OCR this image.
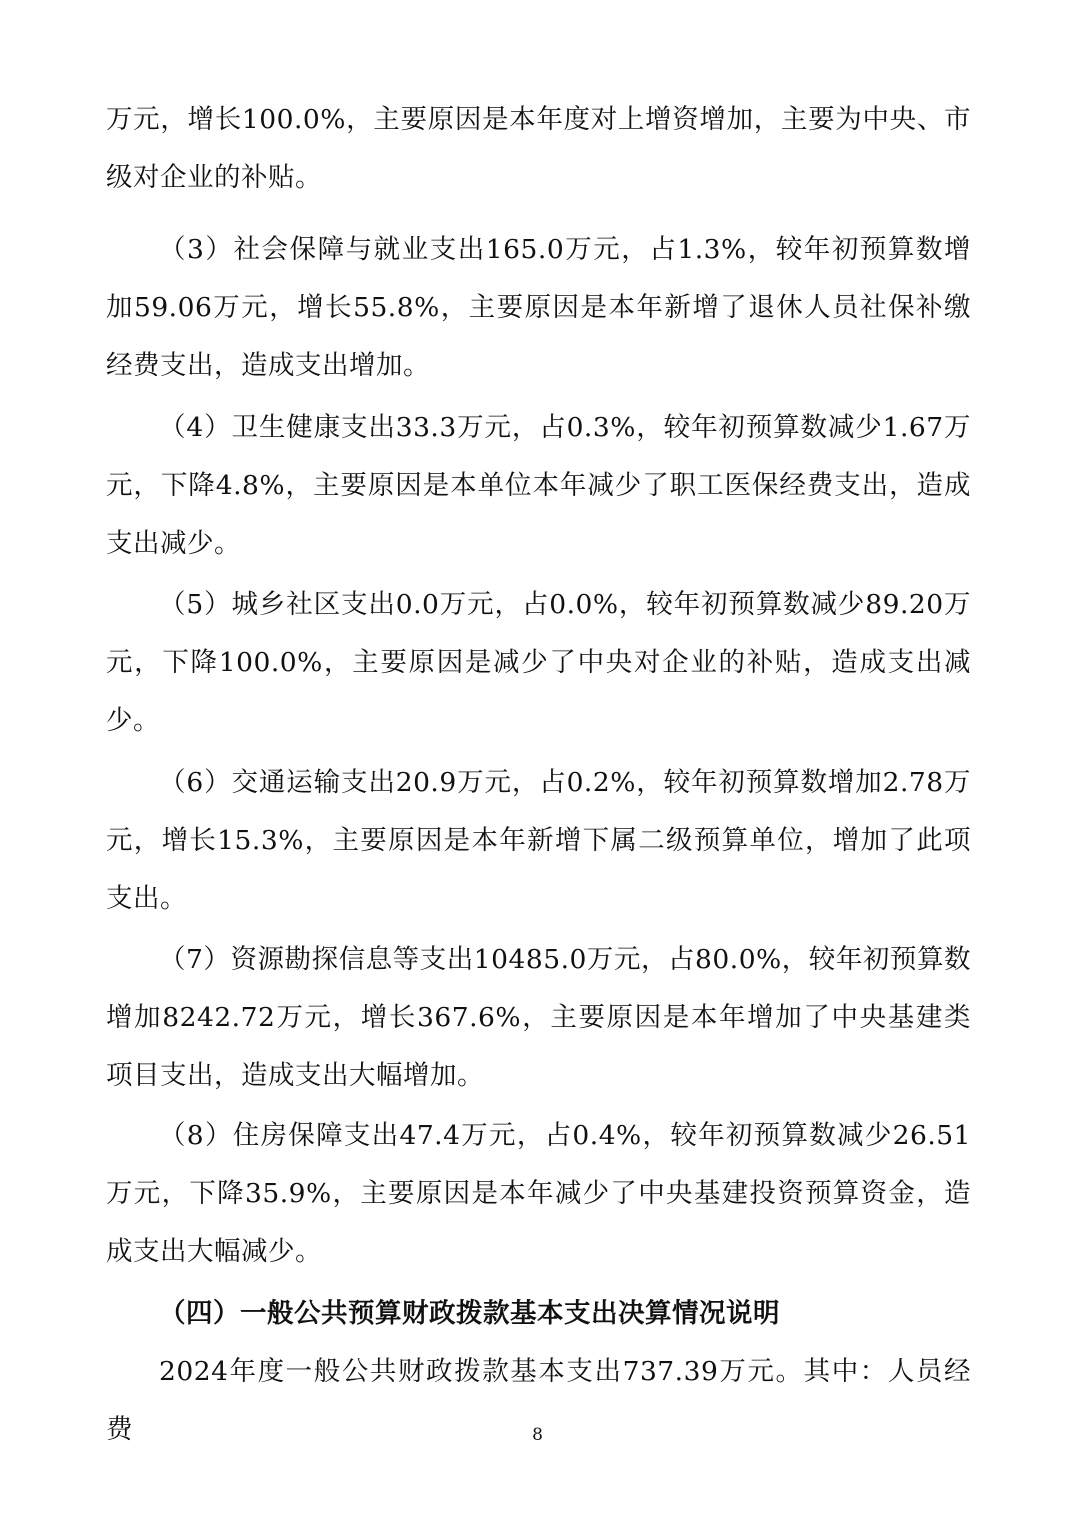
万元，增长100.0%，主要原因是本年度对上增资增加，主要为中央、市级对企业的补贴。

（3）社会保障与就业支出165.0万元，占1.3%，较年初预算数增加59.06万元，增长55.8%，主要原因是本年新增了退休人员社保补缴经费支出，造成支出增加。

（4）卫生健康支出33.3万元，占0.3%，较年初预算数减少1.67万元，下降4.8%，主要原因是本单位本年减少了职工医保经费支出，造成支出减少。

（5）城乡社区支出0.0万元，占0.0%，较年初预算数减少89.20万元，下降100.0%，主要原因是减少了中央对企业的补贴，造成支出减少。

（6）交通运输支出20.9万元，占0.2%，较年初预算数增加2.78万元，增长15.3%，主要原因是本年新增下属二级预算单位，增加了此项支出。

（7）资源勘探信息等支出10485.0万元，占80.0%，较年初预算数增加8242.72万元，增长367.6%，主要原因是本年增加了中央基建类项目支出，造成支出大幅增加。

（8）住房保障支出47.4万元，占0.4%，较年初预算数减少26.51万元，下降35.9%，主要原因是本年减少了中央基建投资预算资金，造成支出大幅减少。

（四）一般公共预算财政拨款基本支出决算情况说明

2024年度一般公共财政拨款基本支出737.39万元。其中：人员经费	8
